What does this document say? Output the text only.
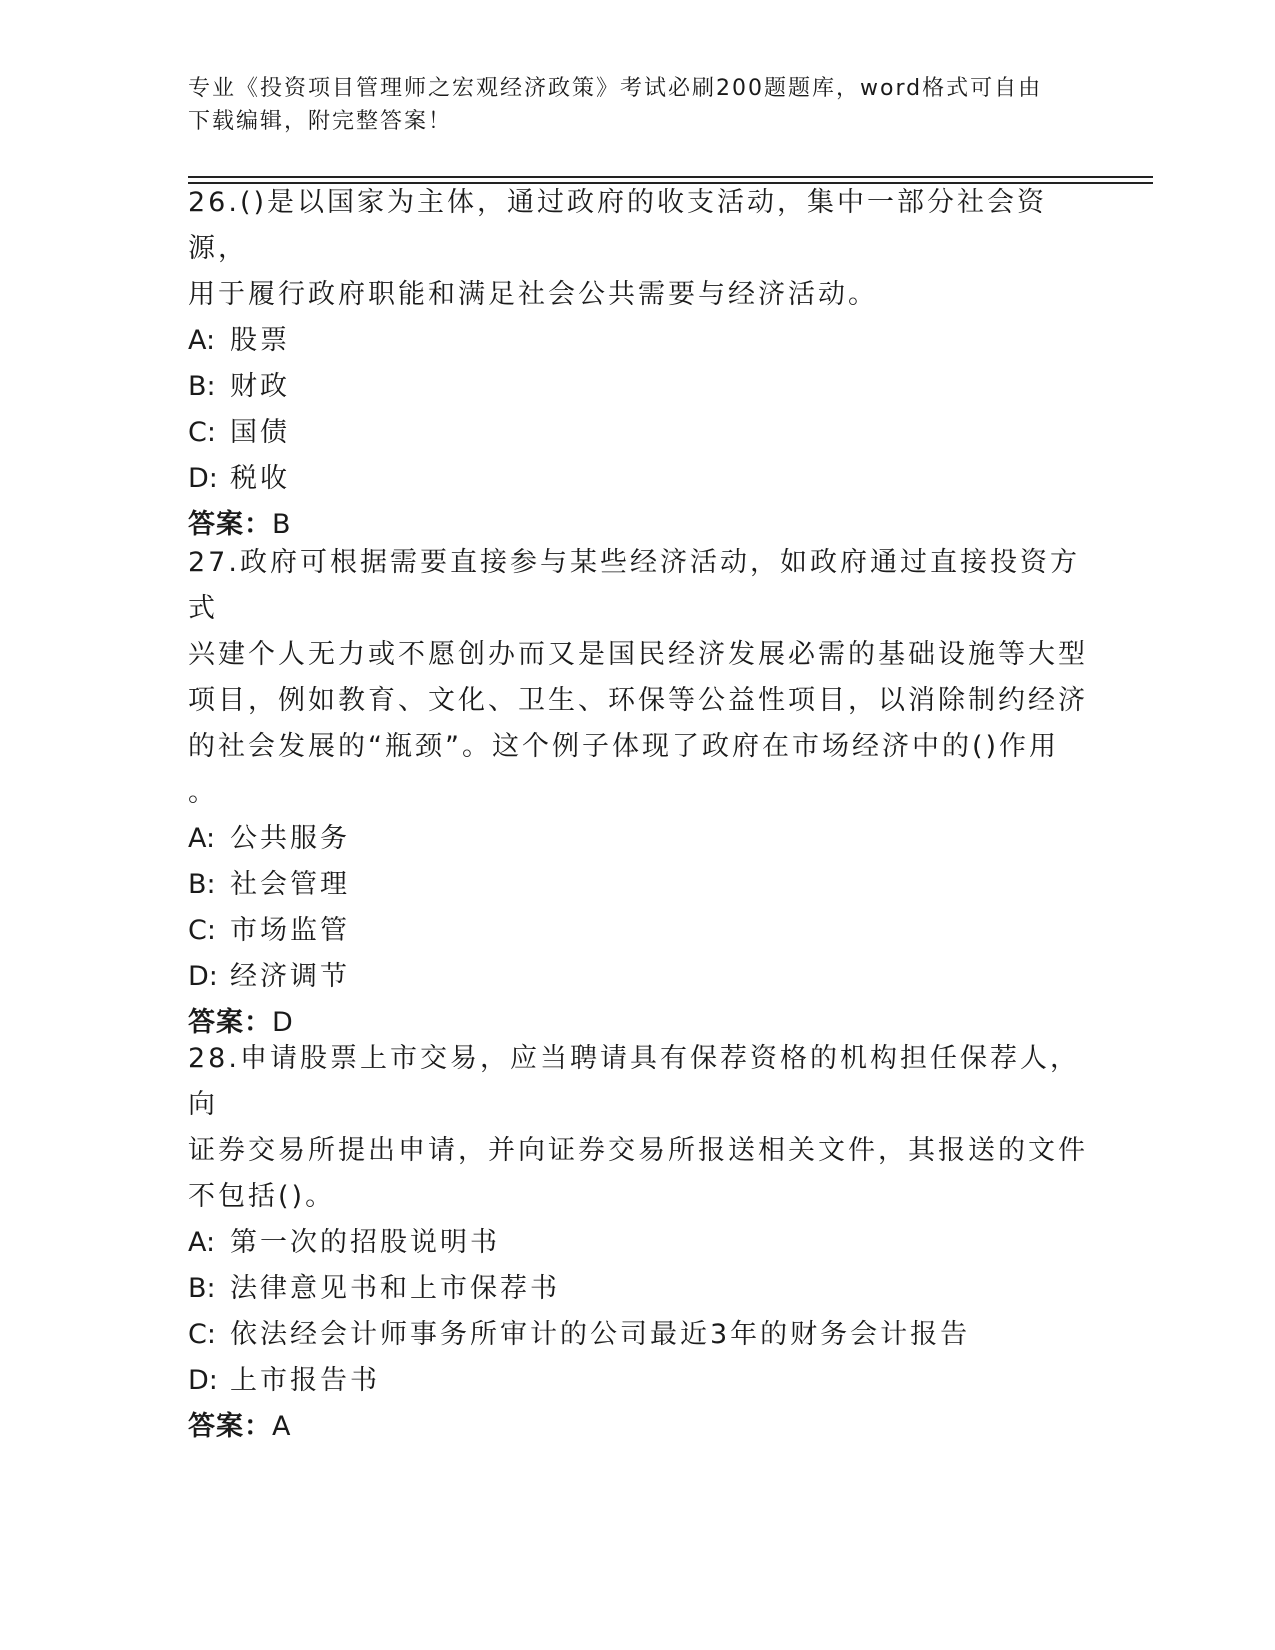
专业《投资项目管理师之宏观经济政策》考试必刷200题题库，word格式可自由
下载编辑，附完整答案！
26.()是以国家为主体，通过政府的收支活动，集中一部分社会资源，
用于履行政府职能和满足社会公共需要与经济活动。
A: 股票
B: 财政
C: 国债
D: 税收
答案：B
27.政府可根据需要直接参与某些经济活动，如政府通过直接投资方式
兴建个人无力或不愿创办而又是国民经济发展必需的基础设施等大型
项目，例如教育、文化、卫生、环保等公益性项目，以消除制约经济
的社会发展的“瓶颈”。这个例子体现了政府在市场经济中的()作用
。
A: 公共服务
B: 社会管理
C: 市场监管
D: 经济调节
答案：D
28.申请股票上市交易，应当聘请具有保荐资格的机构担任保荐人，向
证券交易所提出申请，并向证券交易所报送相关文件，其报送的文件
不包括()。
A: 第一次的招股说明书
B: 法律意见书和上市保荐书
C: 依法经会计师事务所审计的公司最近3年的财务会计报告
D: 上市报告书
答案：A
